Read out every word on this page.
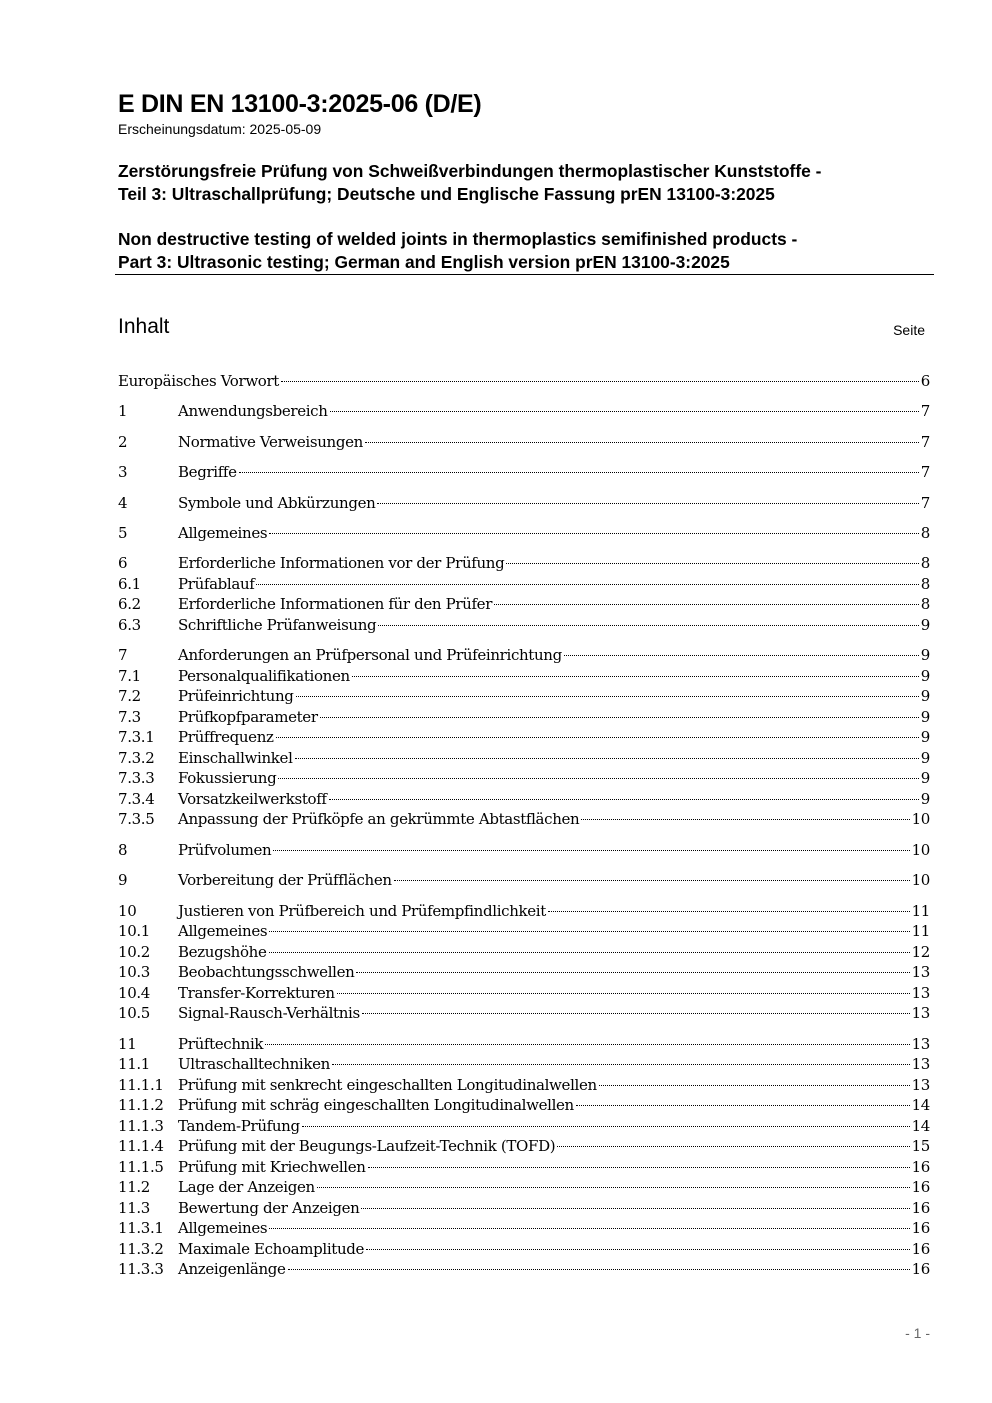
E DIN EN 13100-3:2025-06 (D/E)
Erscheinungsdatum: 2025-05-09
Zerstörungsfreie Prüfung von Schweißverbindungen thermoplastischer Kunststoffe -
Teil 3: Ultraschallprüfung; Deutsche und Englische Fassung prEN 13100-3:2025
Non destructive testing of welded joints in thermoplastics semifinished products -
Part 3: Ultrasonic testing; German and English version prEN 13100-3:2025
Inhalt	Seite
Europäisches Vorwort	6
1	Anwendungsbereich	7
2	Normative Verweisungen	7
3	Begriffe	7
4	Symbole und Abkürzungen	7
5	Allgemeines	8
6	Erforderliche Informationen vor der Prüfung	8
6.1	Prüfablauf	8
6.2	Erforderliche Informationen für den Prüfer	8
6.3	Schriftliche Prüfanweisung	9
7	Anforderungen an Prüfpersonal und Prüfeinrichtung	9
7.1	Personalqualifikationen	9
7.2	Prüfeinrichtung	9
7.3	Prüfkopfparameter	9
7.3.1	Prüffrequenz	9
7.3.2	Einschallwinkel	9
7.3.3	Fokussierung	9
7.3.4	Vorsatzkeilwerkstoff	9
7.3.5	Anpassung der Prüfköpfe an gekrümmte Abtastflächen	10
8	Prüfvolumen	10
9	Vorbereitung der Prüfflächen	10
10	Justieren von Prüfbereich und Prüfempfindlichkeit	11
10.1	Allgemeines	11
10.2	Bezugshöhe	12
10.3	Beobachtungsschwellen	13
10.4	Transfer-Korrekturen	13
10.5	Signal-Rausch-Verhältnis	13
11	Prüftechnik	13
11.1	Ultraschalltechniken	13
11.1.1 Prüfung mit senkrecht eingeschallten Longitudinalwellen	13
11.1.2 Prüfung mit schräg eingeschallten Longitudinalwellen	14
11.1.3 Tandem-Prüfung	14
11.1.4 Prüfung mit der Beugungs-Laufzeit-Technik (TOFD)	15
11.1.5 Prüfung mit Kriechwellen	16
11.2	Lage der Anzeigen	16
11.3	Bewertung der Anzeigen	16
11.3.1 Allgemeines	16
11.3.2 Maximale Echoamplitude	16
11.3.3 Anzeigenlänge	16
- 1 -
